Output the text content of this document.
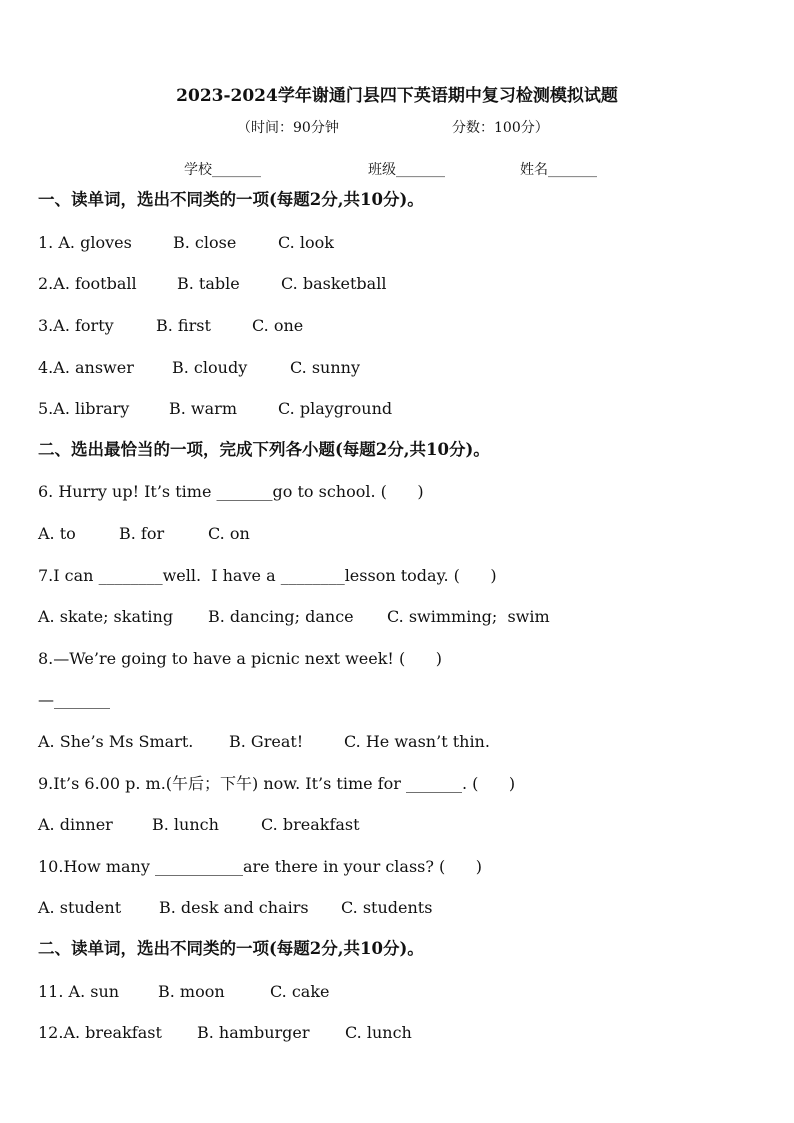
2023-2024学年谢通门县四下英语期中复习检测模拟试题
（时间：90分钟	分数：100分）
学校_______	班级_______	姓名_______
一、读单词，选出不同类的一项(每题2分,共10分)。
1. A. gloves	B. close	C. look
2.A. football	B. table	C. basketball
3.A. forty	B. first	C. one
4.A. answer B. cloudy	C. sunny
5.A. library B. warm	C. playground
二、选出最恰当的一项，完成下列各小题(每题2分,共10分)。
6. Hurry up! It’s time _______go to school. (      )
A. to	B. for	C. on
7.I can ________well.  I have a ________lesson today. (      )
A. skate; skating B. dancing; dance C. swimming;  swim
8.—We’re going to have a picnic next week! (      )
—_______
A. She’s Ms Smart. B. Great!	C. He wasn’t thin.
9.It’s 6.00 p. m.(午后；下午) now. It’s time for _______. (      )
A. dinner B. lunch	C. breakfast
10.How many ___________are there in your class? (      )
A. student B. desk and chairs C. students
二、读单词，选出不同类的一项(每题2分,共10分)。
11. A. sun B. moon	C. cake
12.A. breakfast B. hamburger C. lunch
